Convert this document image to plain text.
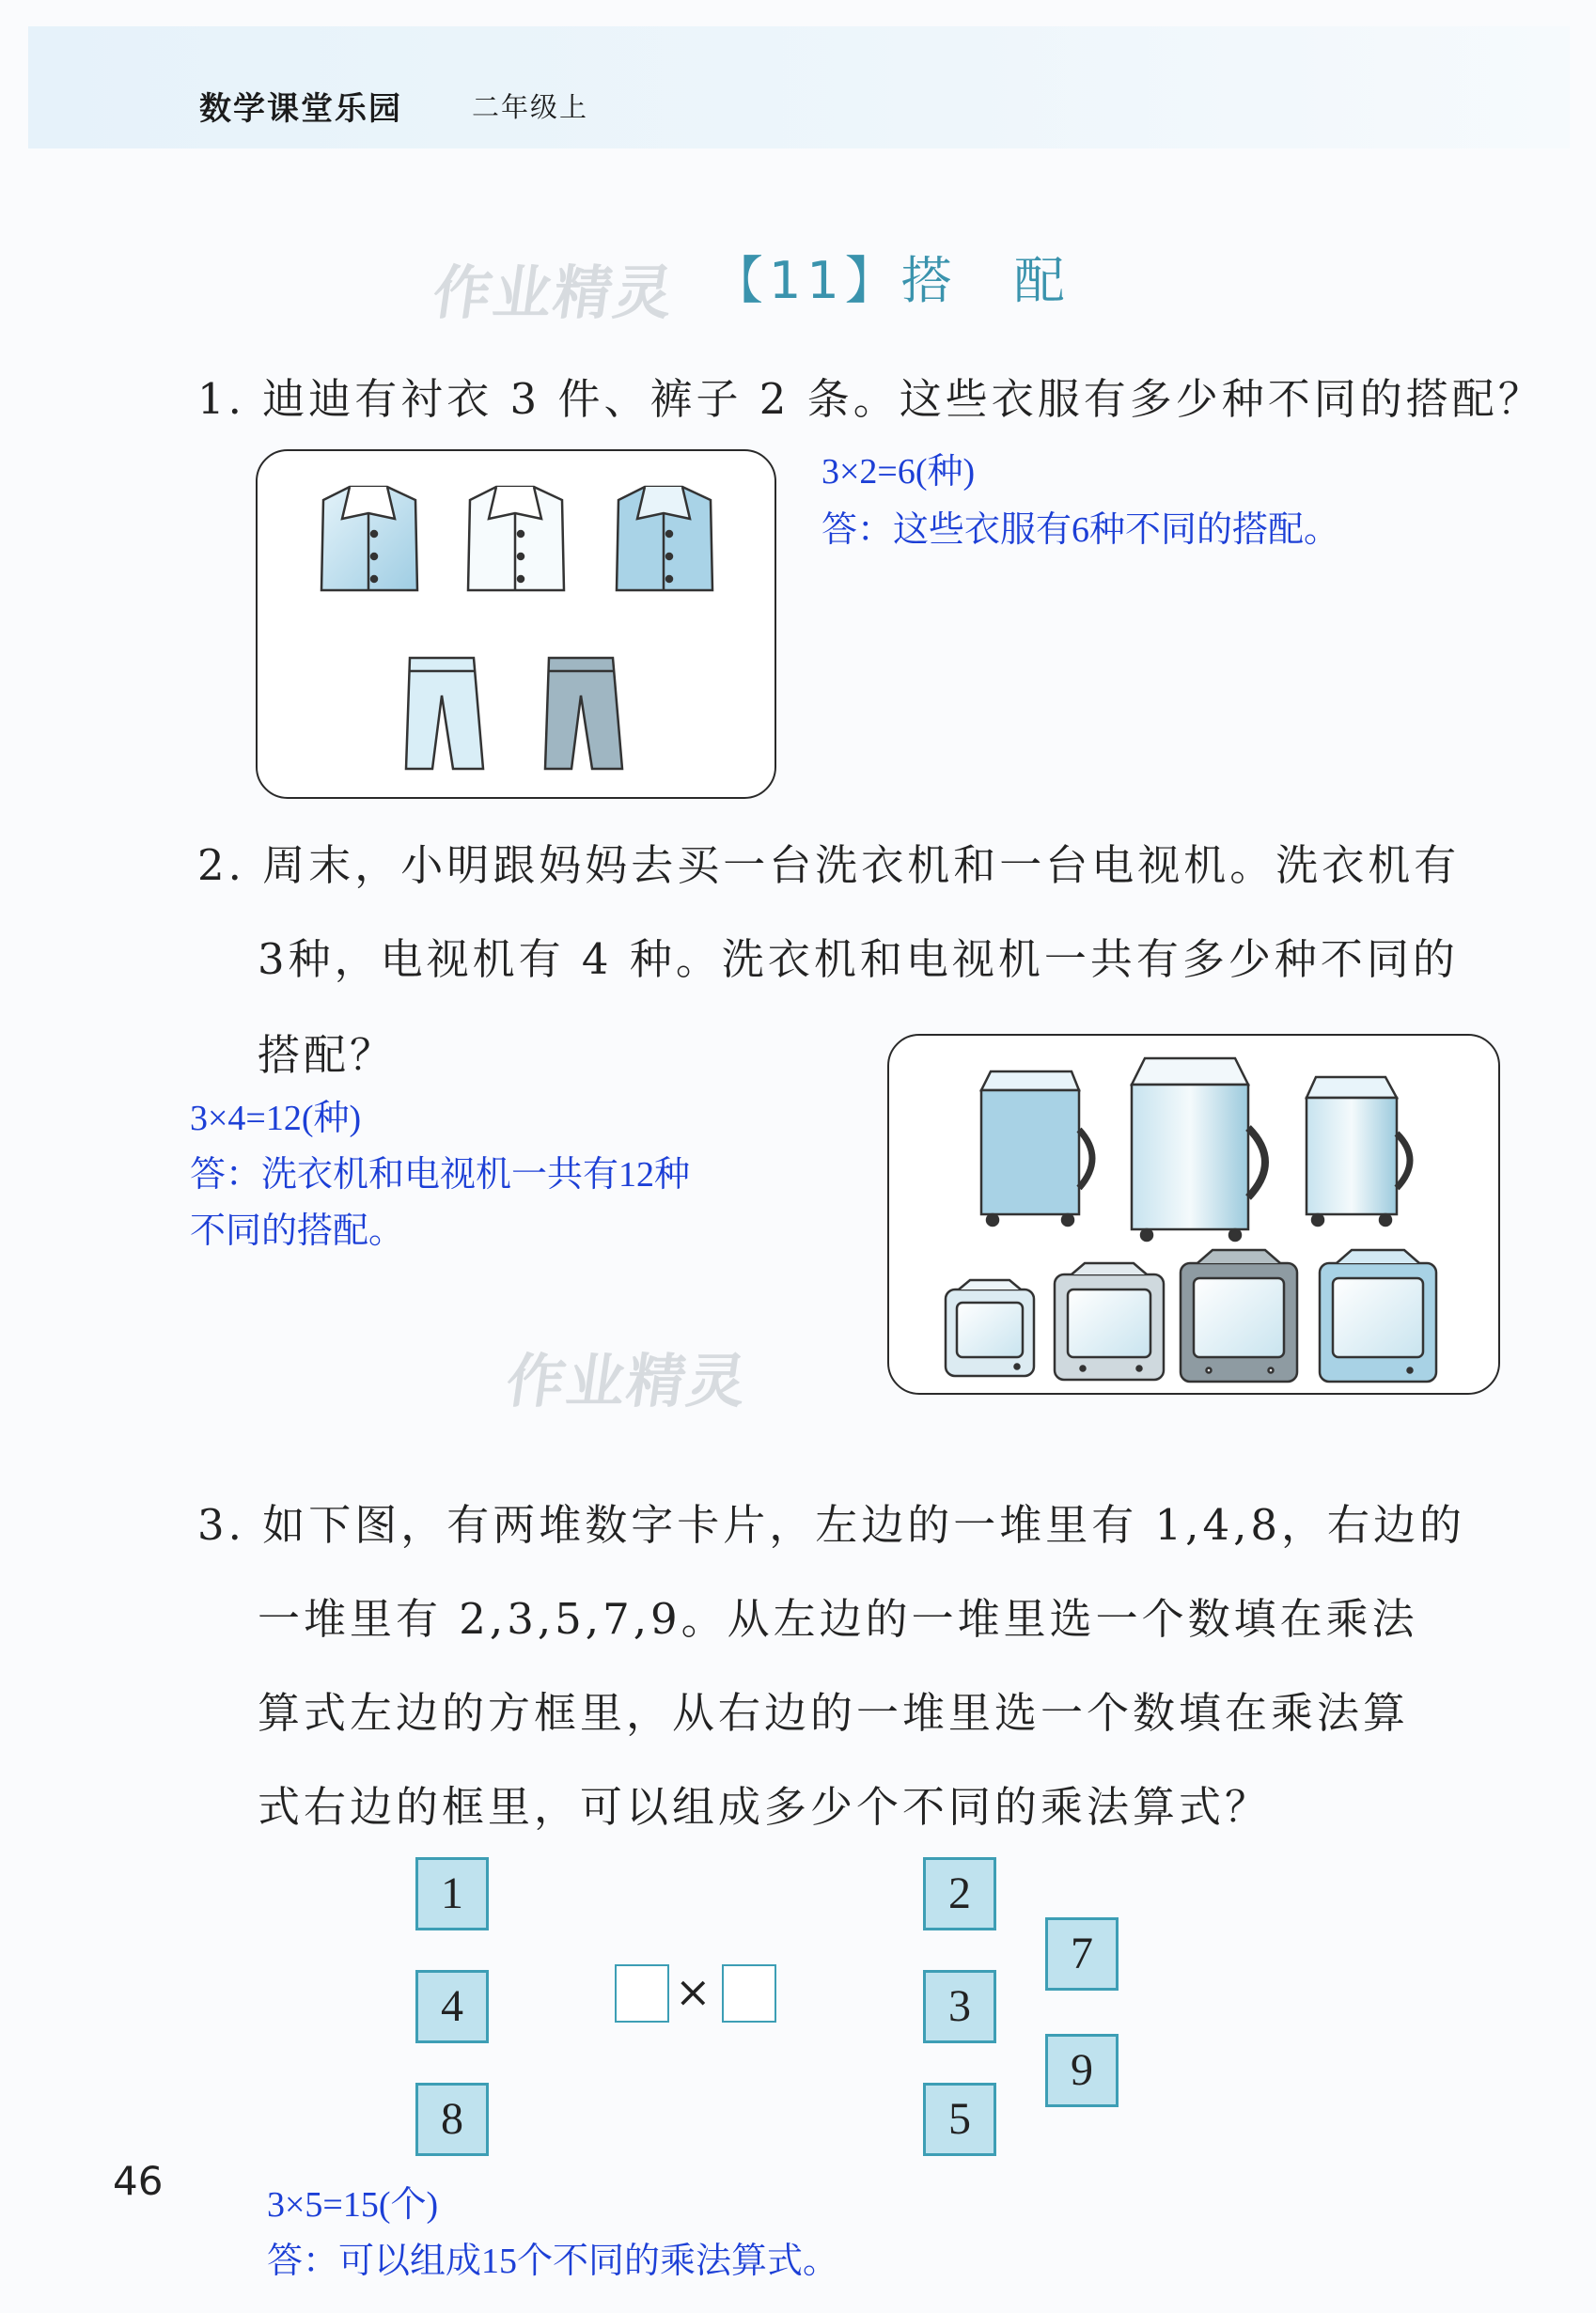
数学课堂乐园	二年级上
作业精灵 【11】搭　配
1. 迪迪有衬衣 3 件、裤子 2 条。这些衣服有多少种不同的搭配？
3×2=6(种)
答：这些衣服有6种不同的搭配。
2. 周末，小明跟妈妈去买一台洗衣机和一台电视机。洗衣机有
3种，电视机有 4 种。洗衣机和电视机一共有多少种不同的
搭配？
3×4=12(种)
答：洗衣机和电视机一共有12种
不同的搭配。
作业精灵
3. 如下图，有两堆数字卡片，左边的一堆里有 1,4,8，右边的
一堆里有 2,3,5,7,9。从左边的一堆里选一个数填在乘法
算式左边的方框里，从右边的一堆里选一个数填在乘法算
式右边的框里，可以组成多少个不同的乘法算式？
1
4
8
×
2
3
5
7
9
46
3×5=15(个)
答：可以组成15个不同的乘法算式。
